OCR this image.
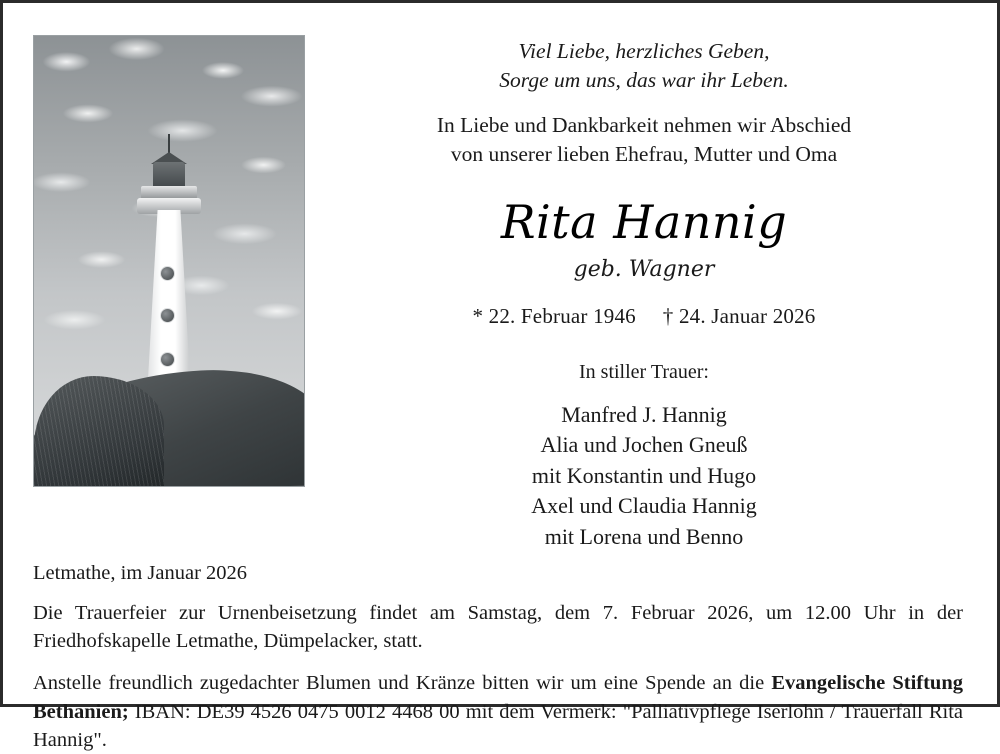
Viel Liebe, herzliches Geben,
Sorge um uns, das war ihr Leben.
In Liebe und Dankbarkeit nehmen wir Abschied
von unserer lieben Ehefrau, Mutter und Oma
Rita Hannig
geb. Wagner
* 22. Februar 1946 † 24. Januar 2026
In stiller Trauer:
Manfred J. Hannig
Alia und Jochen Gneuß
mit Konstantin und Hugo
Axel und Claudia Hannig
mit Lorena und Benno
Letmathe, im Januar 2026
Die Trauerfeier zur Urnenbeisetzung findet am Samstag, dem 7. Februar 2026, um 12.00 Uhr in der Friedhofskapelle Letmathe, Dümpelacker, statt.
Anstelle freundlich zugedachter Blumen und Kränze bitten wir um eine Spende an die Evangelische Stiftung Bethanien; IBAN: DE39 4526 0475 0012 4468 00 mit dem Vermerk: "Palliativpflege Iserlohn / Trauerfall Rita Hannig".
